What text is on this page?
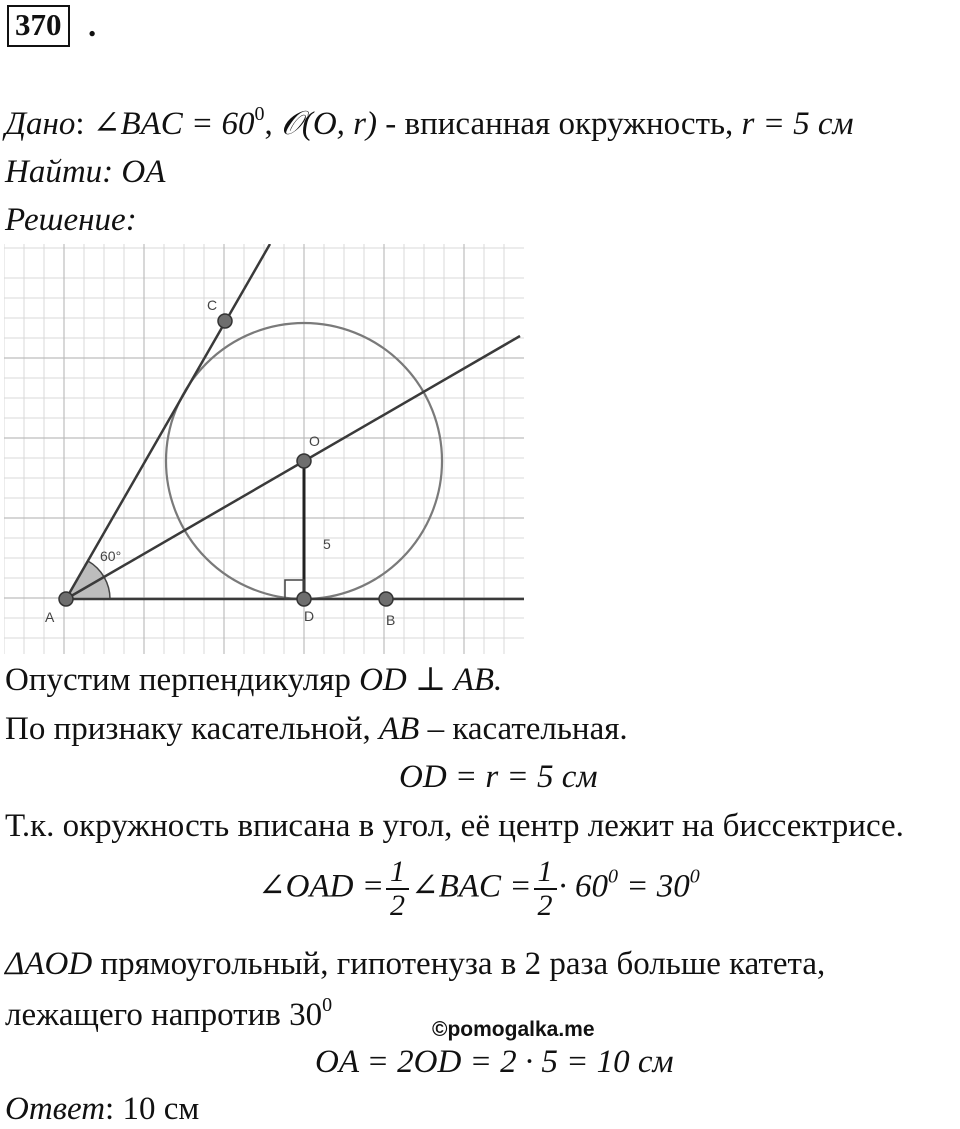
370 .
Дано: ∠BAC = $60^0$, 𝒪(O, r) - вписанная окружность, r = 5 см
Найти: OA
Решение:
C
O
A	D	B
60°
5
Опустим перпендикуляр OD ⊥ AB.
По признаку касательной, AB – касательная.
OD = r = 5 см
Т.к. окружность вписана в угол, её центр лежит на биссектрисе.
∠OAD = $\frac{1}{2}$ ∠BAC = $\frac{1}{2} \cdot 60^0 = 30^0$
ΔAOD прямоугольный, гипотенуза в 2 раза больше катета,
лежащего напротив $30^0$
©pomogalka.me
OA = 2OD = 2 · 5 = 10 см
Ответ: 10 см
